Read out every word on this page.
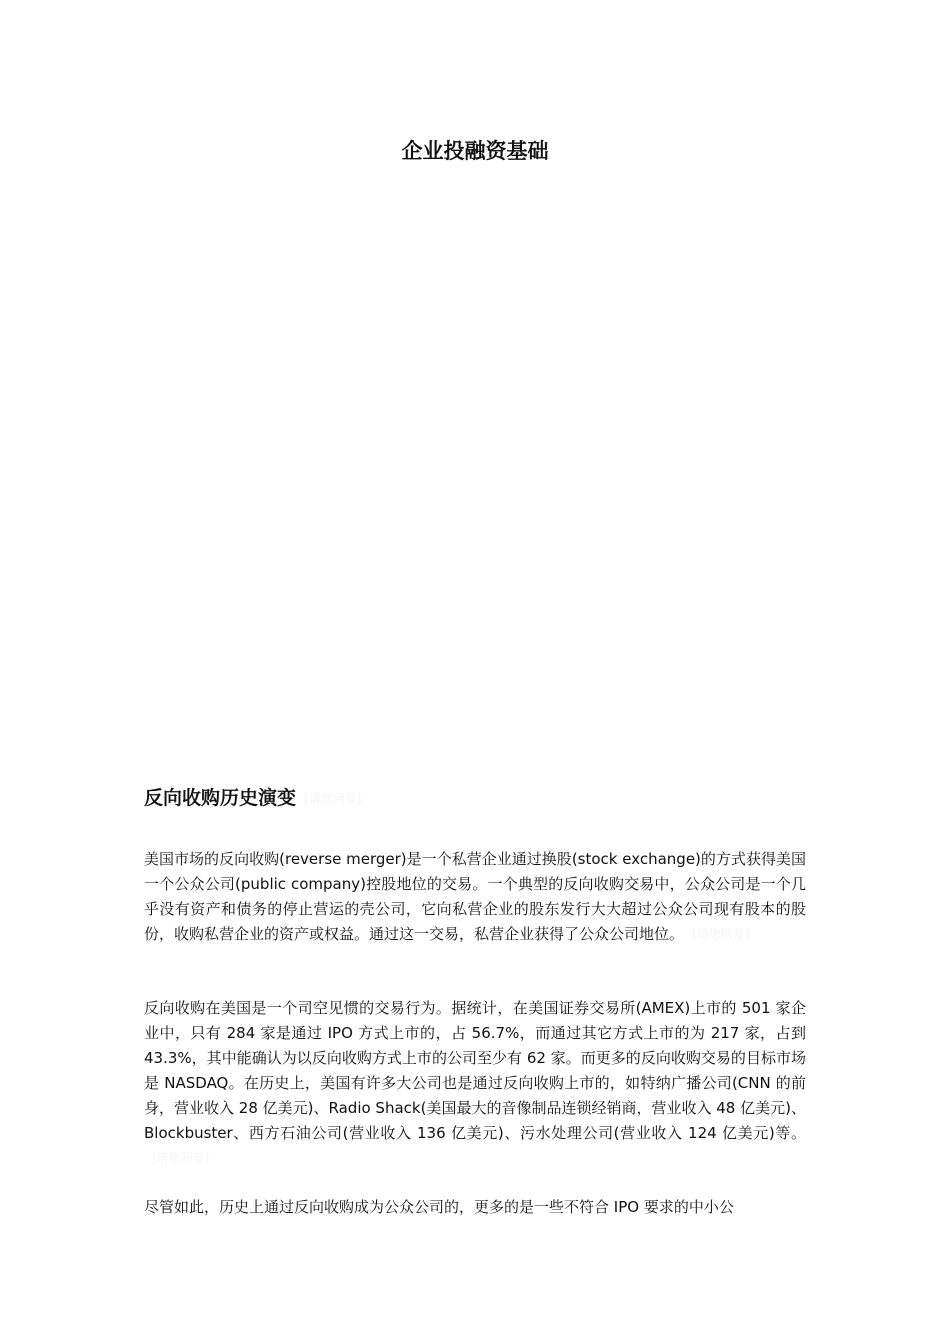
企业投融资基础
反向收购历史演变 [请您回复]

美国市场的反向收购(reverse merger)是一个私营企业通过换股(stock exchange)的方式获得美国一个公众公司(public company)控股地位的交易。一个典型的反向收购交易中，公众公司是一个几乎没有资产和债务的停止营运的壳公司，它向私营企业的股东发行大大超过公众公司现有股本的股份，收购私营企业的资产或权益。通过这一交易，私营企业获得了公众公司地位。 [请您回复]

反向收购在美国是一个司空见惯的交易行为。据统计，在美国证券交易所(AMEX)上市的 501 家企业中，只有 284 家是通过 IPO 方式上市的，占 56.7%，而通过其它方式上市的为 217 家，占到 43.3%，其中能确认为以反向收购方式上市的公司至少有 62 家。而更多的反向收购交易的目标市场是 NASDAQ。在历史上，美国有许多大公司也是通过反向收购上市的，如特纳广播公司(CNN 的前身，营业收入 28 亿美元)、Radio Shack(美国最大的音像制品连锁经销商，营业收入 48 亿美元)、Blockbuster、西方石油公司(营业收入 136 亿美元)、污水处理公司(营业收入 124 亿美元)等。[请您回复]

尽管如此，历史上通过反向收购成为公众公司的，更多的是一些不符合 IPO 要求的中小公
